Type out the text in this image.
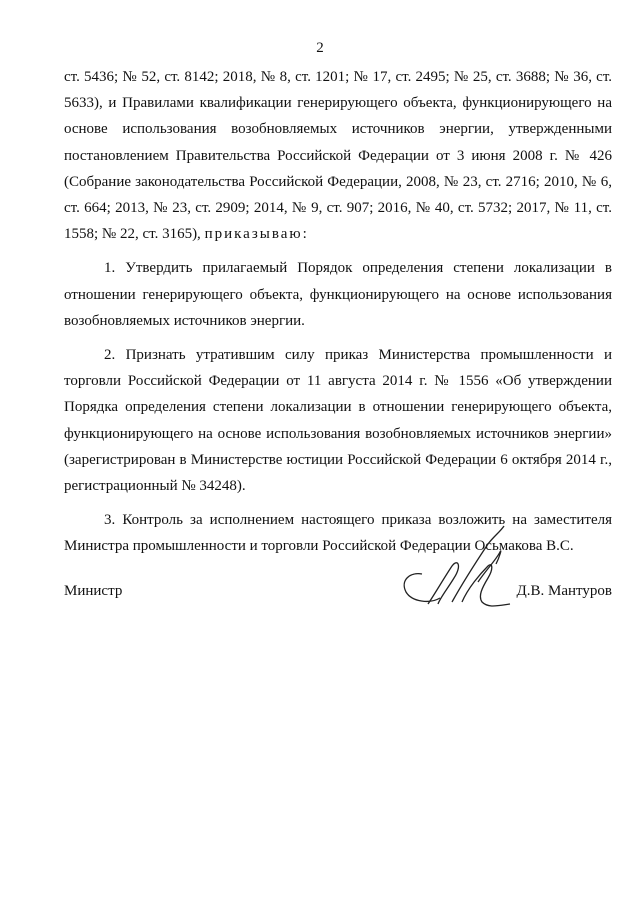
2

ст. 5436; № 52, ст. 8142; 2018, № 8, ст. 1201; № 17, ст. 2495; № 25, ст. 3688; № 36, ст. 5633), и Правилами квалификации генерирующего объекта, функционирующего на основе использования возобновляемых источников энергии, утвержденными постановлением Правительства Российской Федерации от 3 июня 2008 г. № 426 (Собрание законодательства Российской Федерации, 2008, № 23, ст. 2716; 2010, № 6, ст. 664; 2013, № 23, ст. 2909; 2014, № 9, ст. 907; 2016, № 40, ст. 5732; 2017, № 11, ст. 1558; № 22, ст. 3165), приказываю:

1. Утвердить прилагаемый Порядок определения степени локализации в отношении генерирующего объекта, функционирующего на основе использования возобновляемых источников энергии.

2. Признать утратившим силу приказ Министерства промышленности и торговли Российской Федерации от 11 августа 2014 г. № 1556 «Об утверждении Порядка определения степени локализации в отношении генерирующего объекта, функционирующего на основе использования возобновляемых источников энергии» (зарегистрирован в Министерстве юстиции Российской Федерации 6 октября 2014 г., регистрационный № 34248).

3. Контроль за исполнением настоящего приказа возложить на заместителя Министра промышленности и торговли Российской Федерации Осьмакова В.С.

Министр	Д.В. Мантуров
